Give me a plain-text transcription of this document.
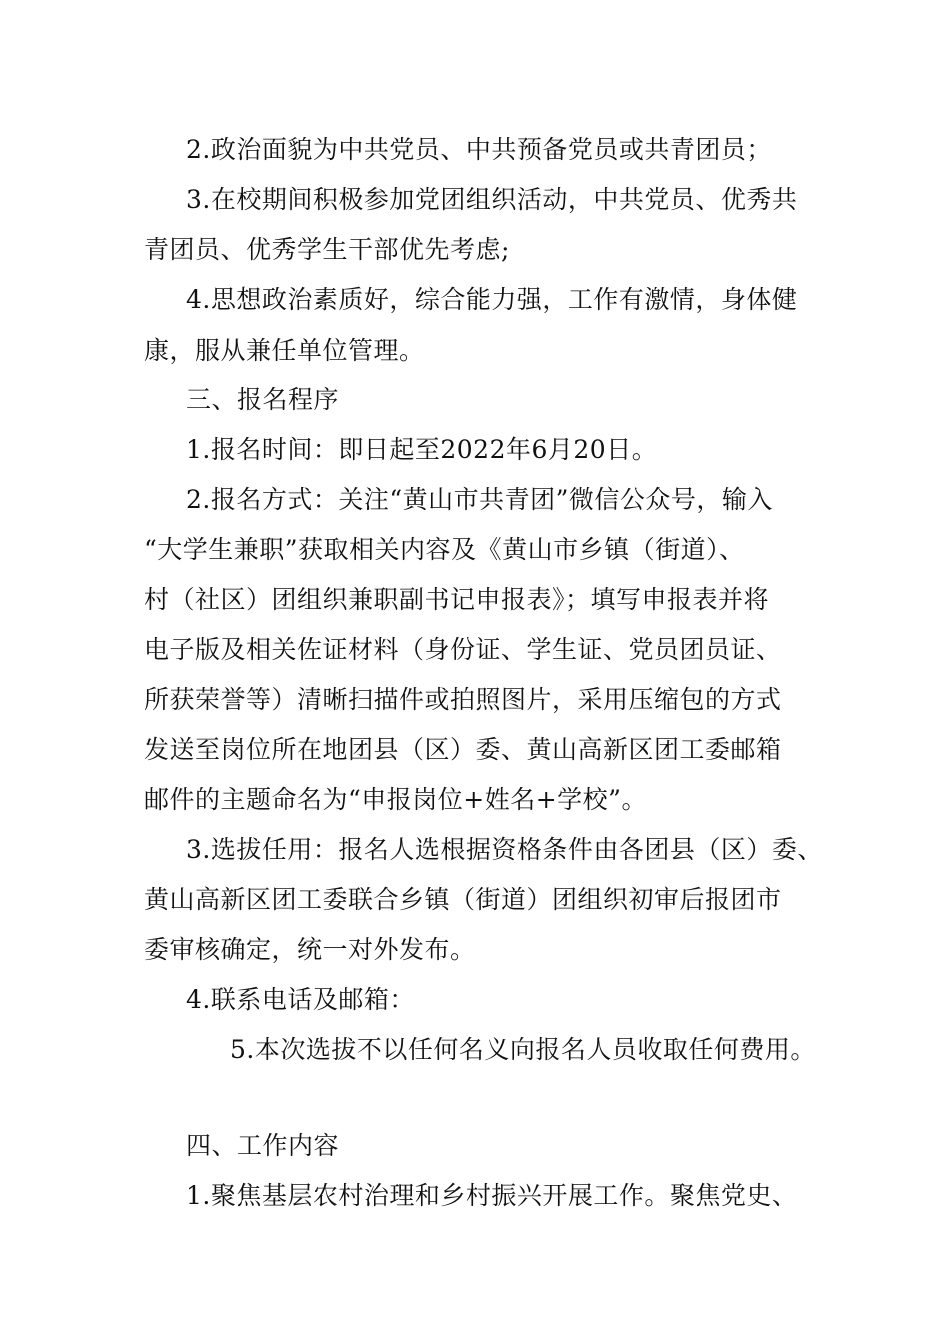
2.政治面貌为中共党员、中共预备党员或共青团员；
3.在校期间积极参加党团组织活动，中共党员、优秀共
青团员、优秀学生干部优先考虑;
4.思想政治素质好，综合能力强，工作有激情，身体健
康，服从兼任单位管理。
三、报名程序
1.报名时间：即日起至2022年6月20日。
2.报名方式：关注“黄山市共青团”微信公众号，输入
“大学生兼职”获取相关内容及《黄山市乡镇（街道）、
村（社区）团组织兼职副书记申报表》；填写申报表并将
电子版及相关佐证材料（身份证、学生证、党员团员证、
所获荣誉等）清晰扫描件或拍照图片，采用压缩包的方式
发送至岗位所在地团县（区）委、黄山高新区团工委邮箱
邮件的主题命名为“申报岗位+姓名+学校”。
3.选拔任用：报名人选根据资格条件由各团县（区）委、
黄山高新区团工委联合乡镇（街道）团组织初审后报团市
委审核确定，统一对外发布。
4.联系电话及邮箱：
5.本次选拔不以任何名义向报名人员收取任何费用。
四、工作内容
1.聚焦基层农村治理和乡村振兴开展工作。聚焦党史、
